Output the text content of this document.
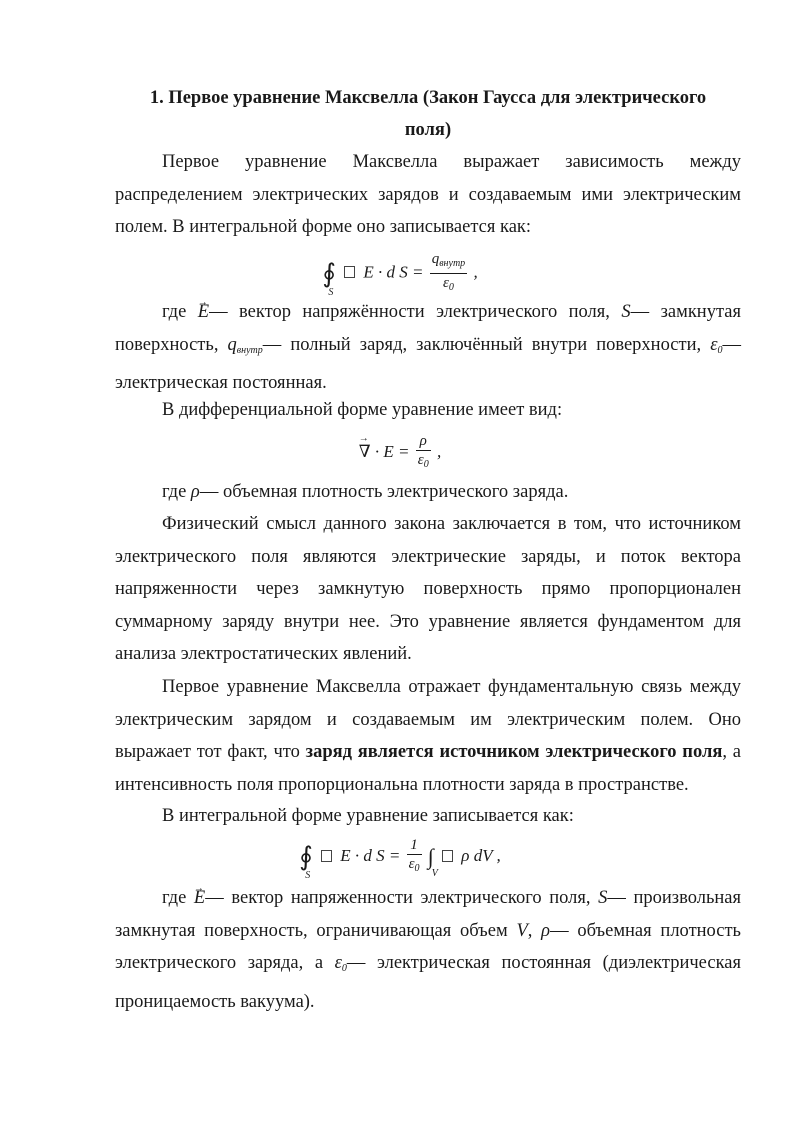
1. Первое уравнение Максвелла (Закон Гаусса для электрического
поля)
Первое уравнение Максвелла выражает зависимость между распределением электрических зарядов и создаваемым ими электрическим полем. В интегральной форме оно записывается как:
∮
S
E · d $S = \frac{q_{внутр}}{\varepsilon_0}$ ,
где → E— вектор напряжённости электрического поля, S— замкнутая поверхность, $q_{внутр}—$ полный заряд, заключённый внутри поверхности, $\varepsilon_0—$ электрическая постоянная.
В дифференциальной форме уравнение имеет вид:
→ ∇ · $E = \frac{\rho}{\varepsilon_0}$ ,
где ρ— объемная плотность электрического заряда.
Физический смысл данного закона заключается в том, что источником электрического поля являются электрические заряды, и поток вектора напряженности через замкнутую поверхность прямо пропорционален суммарному заряду внутри нее. Это уравнение является фундаментом для анализа электростатических явлений.
Первое уравнение Максвелла отражает фундаментальную связь между электрическим зарядом и создаваемым им электрическим полем. Оно выражает тот факт, что заряд является источником электрического поля, а интенсивность поля пропорциональна плотности заряда в пространстве.
В интегральной форме уравнение записывается как:
∮
S
E · d $S = \frac{1}{\varepsilon_0}$ ∫
V
ρ dV ,
где → E— вектор напряженности электрического поля, S— произвольная замкнутая поверхность, ограничивающая объем V, ρ— объемная плотность электрического заряда, а $\varepsilon_0—$ электрическая постоянная (диэлектрическая проницаемость вакуума).
